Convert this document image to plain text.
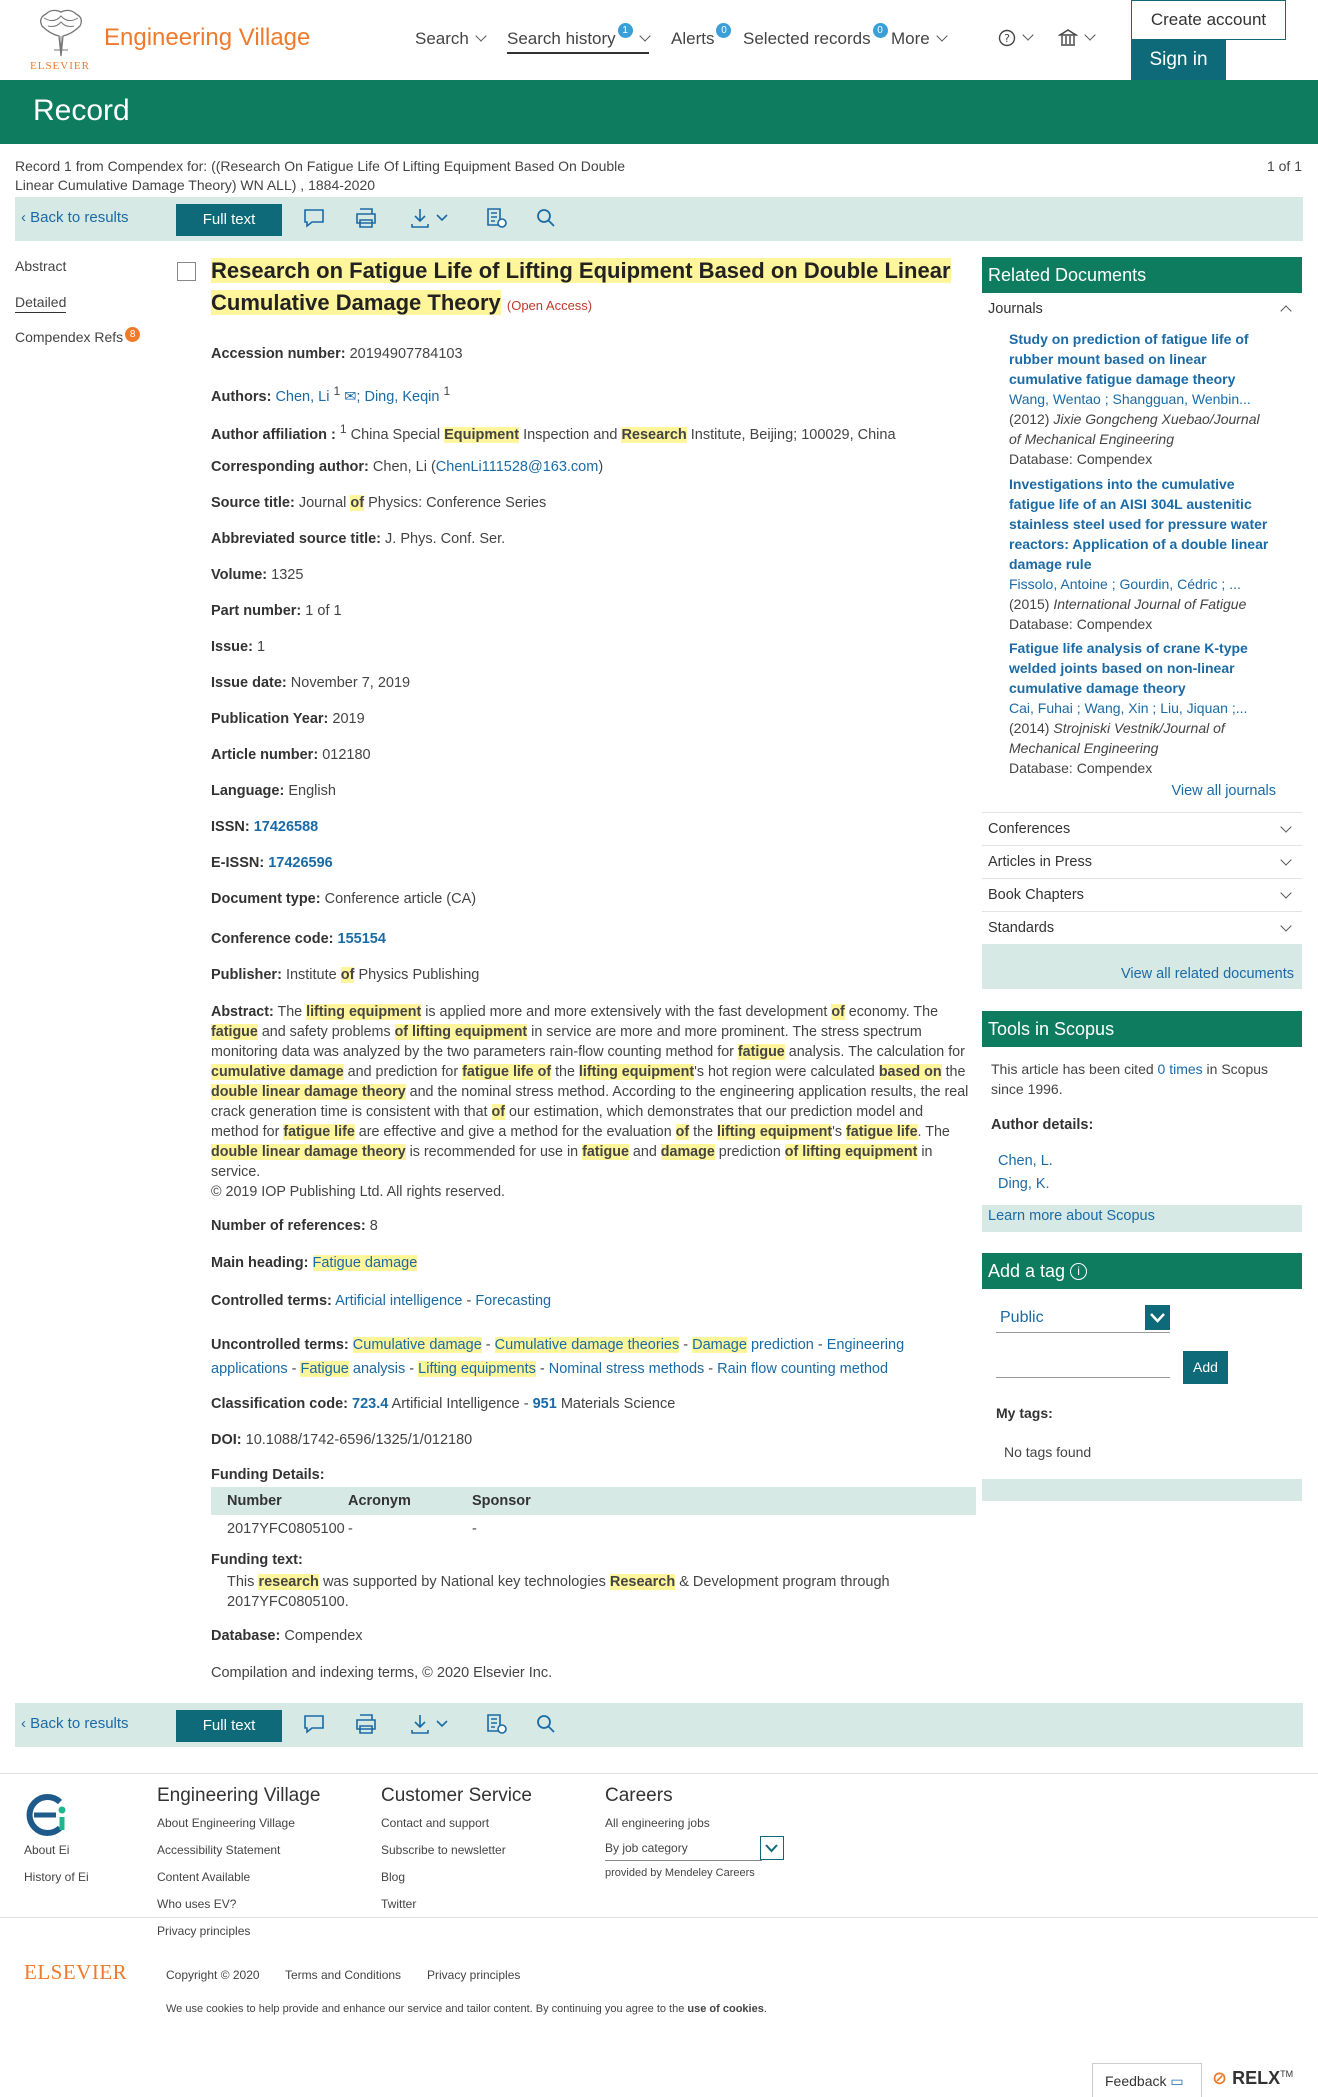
ELSEVIER
Engineering Village	Search Search history 1	Alerts 0 Selected records 0 More	?
Create account
Sign in
Record
Record 1 from Compendex for: ((Research On Fatigue Life Of Lifting Equipment Based On Double Linear Cumulative Damage Theory) WN ALL) , 1884-2020
1 of 1
‹ Back to results	Full text
Abstract
Detailed
Compendex Refs 8
Research on Fatigue Life of Lifting Equipment Based on Double Linear Cumulative Damage Theory (Open Access)
Accession number: 20194907784103
Authors: Chen, Li $^1$ ✉; Ding, Keqin $^1$
Author affiliation : $^1$ China Special Equipment Inspection and Research Institute, Beijing; 100029, China
Corresponding author: Chen, Li (ChenLi111528@163.com)
Source title: Journal of Physics: Conference Series
Abbreviated source title: J. Phys. Conf. Ser.
Volume: 1325
Part number: 1 of 1
Issue: 1
Issue date: November 7, 2019
Publication Year: 2019
Article number: 012180
Language: English
ISSN: 17426588
E-ISSN: 17426596
Document type: Conference article (CA)
Conference code: 155154
Publisher: Institute of Physics Publishing
Abstract: The lifting equipment is applied more and more extensively with the fast development of economy. The fatigue and safety problems of lifting equipment in service are more and more prominent. The stress spectrum monitoring data was analyzed by the two parameters rain-flow counting method for fatigue analysis. The calculation for cumulative damage and prediction for fatigue life of the lifting equipment's hot region were calculated based on the double linear damage theory and the nominal stress method. According to the engineering application results, the real crack generation time is consistent with that of our estimation, which demonstrates that our prediction model and method for fatigue life are effective and give a method for the evaluation of the lifting equipment's fatigue life. The double linear damage theory is recommended for use in fatigue and damage prediction of lifting equipment in service.
© 2019 IOP Publishing Ltd. All rights reserved.
Number of references: 8
Main heading: Fatigue damage
Controlled terms: Artificial intelligence - Forecasting
Uncontrolled terms: Cumulative damage - Cumulative damage theories - Damage prediction - Engineering applications - Fatigue analysis - Lifting equipments - Nominal stress methods - Rain flow counting method
Classification code: 723.4 Artificial Intelligence - 951 Materials Science
DOI: 10.1088/1742-6596/1325/1/012180
Funding Details:
Number	Acronym	Sponsor
2017YFC0805100 -	-
Funding text:
This research was supported by National key technologies Research & Development program through
2017YFC0805100.
Database: Compendex
Compilation and indexing terms, © 2020 Elsevier Inc.
‹ Back to results	Full text
Related Documents
Journals
Study on prediction of fatigue life of rubber mount based on linear cumulative fatigue damage theory
Wang, Wentao ; Shangguan, Wenbin...
(2012) Jixie Gongcheng Xuebao/Journal of Mechanical Engineering
Database: Compendex
Investigations into the cumulative fatigue life of an AISI 304L austenitic stainless steel used for pressure water reactors: Application of a double linear damage rule
Fissolo, Antoine ; Gourdin, Cédric ; ...
(2015) International Journal of Fatigue
Database: Compendex
Fatigue life analysis of crane K-type welded joints based on non-linear cumulative damage theory
Cai, Fuhai ; Wang, Xin ; Liu, Jiquan ;...
(2014) Strojniski Vestnik/Journal of Mechanical Engineering
Database: Compendex
View all journals
Conferences
Articles in Press
Book Chapters
Standards
View all related documents
Tools in Scopus
This article has been cited 0 times in Scopus since 1996.
Author details:
Chen, L.
Ding, K.
Learn more about Scopus
Add a tag i
Public
Add
My tags:
No tags found
About Ei
History of Ei
Engineering Village
About Engineering Village
Accessibility Statement
Content Available
Who uses EV?
Privacy principles
Customer Service
Contact and support
Subscribe to newsletter
Blog
Twitter
Careers
All engineering jobs
By job category
provided by Mendeley Careers
ELSEVIER	Copyright © 2020 Terms and Conditions Privacy principles
We use cookies to help provide and enhance our service and tailor content. By continuing you agree to the use of cookies.
Feedback ▭	⊘ RELX™
